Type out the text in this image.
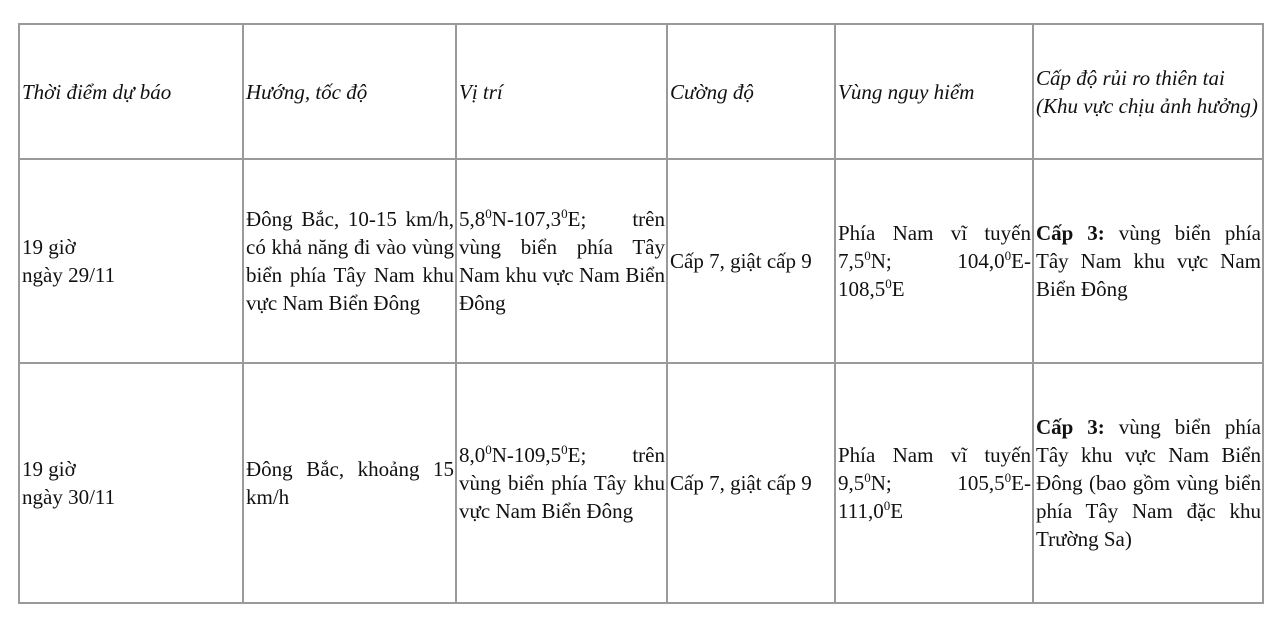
Thời điểm dự báo	Hướng, tốc độ	Vị trí	Cường độ	Vùng nguy hiểm	Cấp độ rủi ro thiên tai (Khu vực chịu ảnh hưởng)
19 giờ
ngày 29/11	Đông Bắc, 10-15 km/h, có khả năng đi vào vùng biển phía Tây Nam khu vực Nam Biển Đông	$5,8^0N-107,3^0E$; trên vùng biển phía Tây Nam khu vực Nam Biển Đông	Cấp 7, giật cấp 9	Phía Nam vĩ tuyến $7,5^0N$; 104,0$^0$E-108,5$^0$E	Cấp 3: vùng biển phía Tây Nam khu vực Nam Biển Đông
19 giờ
ngày 30/11	Đông Bắc, khoảng 15 km/h	$8,0^0N-109,5^0E$; trên vùng biển phía Tây khu vực Nam Biển Đông	Cấp 7, giật cấp 9	Phía Nam vĩ tuyến $9,5^0N$; 105,5$^0$E-111,0$^0$E	Cấp 3: vùng biển phía Tây khu vực Nam Biển Đông (bao gồm vùng biển phía Tây Nam đặc khu Trường Sa)
